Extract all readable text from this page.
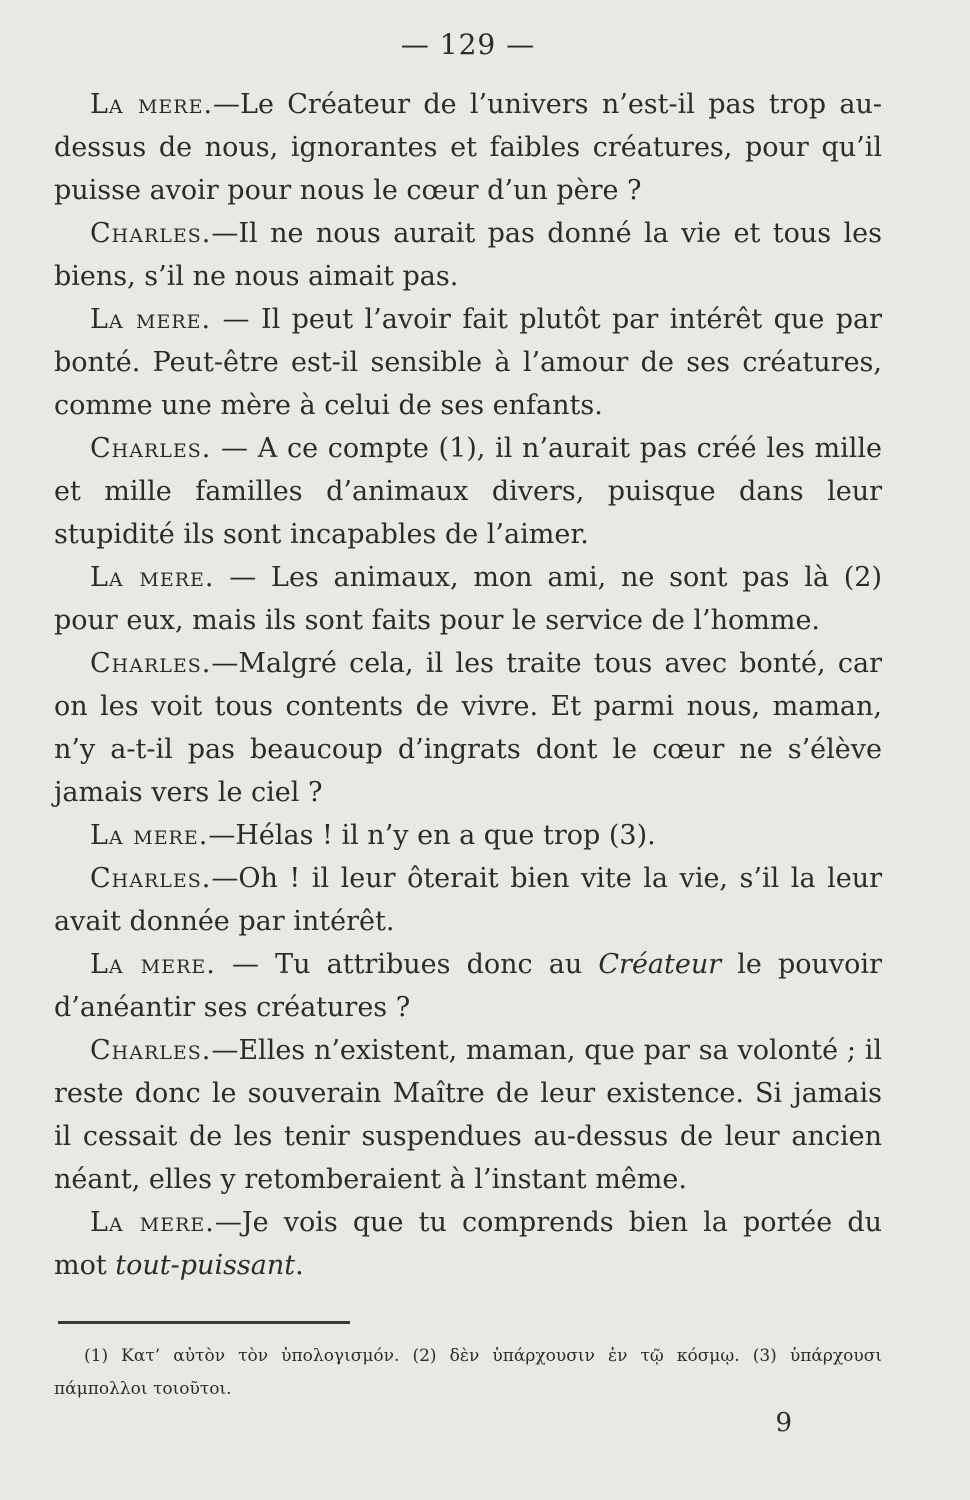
— 129 —

La mere.—Le Créateur de l’univers n’est-il pas trop au-dessus de nous, ignorantes et faibles créatures, pour qu’il puisse avoir pour nous le cœur d’un père ?

Charles.—Il ne nous aurait pas donné la vie et tous les biens, s’il ne nous aimait pas.

La mere. — Il peut l’avoir fait plutôt par intérêt que par bonté. Peut-être est-il sensible à l’amour de ses créatures, comme une mère à celui de ses enfants.

Charles. — A ce compte (1), il n’aurait pas créé les mille et mille familles d’animaux divers, puisque dans leur stupidité ils sont incapables de l’aimer.

La mere. — Les animaux, mon ami, ne sont pas là (2) pour eux, mais ils sont faits pour le service de l’homme.

Charles.—Malgré cela, il les traite tous avec bonté, car on les voit tous contents de vivre. Et parmi nous, maman, n’y a-t-il pas beaucoup d’ingrats dont le cœur ne s’élève jamais vers le ciel ?

La mere.—Hélas ! il n’y en a que trop (3).

Charles.—Oh ! il leur ôterait bien vite la vie, s’il la leur avait donnée par intérêt.

La mere. — Tu attribues donc au Créateur le pouvoir d’anéantir ses créatures ?

Charles.—Elles n’existent, maman, que par sa volonté ; il reste donc le souverain Maître de leur existence. Si jamais il cessait de les tenir suspendues au-dessus de leur ancien néant, elles y retomberaient à l’instant même.

La mere.—Je vois que tu comprends bien la portée du mot tout-puissant.

(1) Κατ’ αὐτὸν τὸν ὑπολογισμόν. (2) δὲν ὑπάρχουσιν ἐν τῷ κόσμῳ. (3) ὑπάρχουσι πάμπολλοι τοιοῦτοι.

9
